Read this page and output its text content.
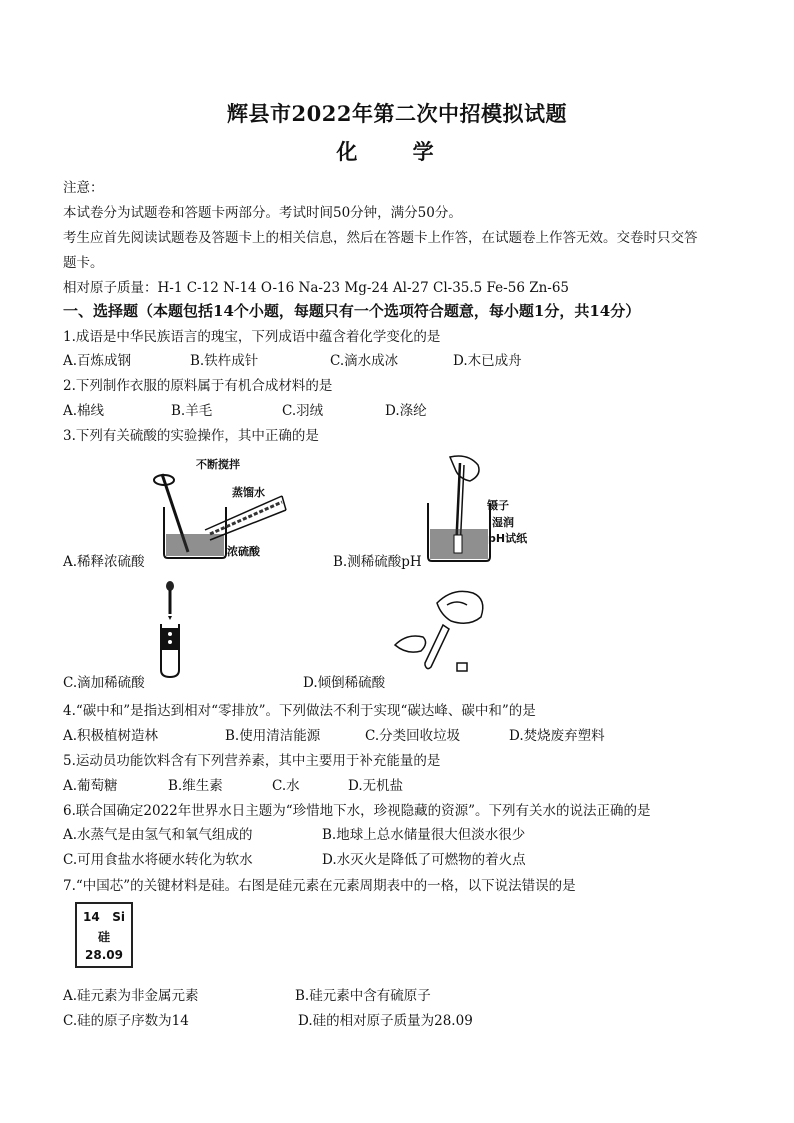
辉县市2022年第二次中招模拟试题
化 学
注意：
本试卷分为试题卷和答题卡两部分。考试时间50分钟，满分50分。
考生应首先阅读试题卷及答题卡上的相关信息，然后在答题卡上作答，在试题卷上作答无效。交卷时只交答
题卡。
相对原子质量：H-1 C-12 N-14 O-16 Na-23 Mg-24 Al-27 Cl-35.5 Fe-56 Zn-65
一、选择题（本题包括14个小题，每题只有一个选项符合题意，每小题1分，共14分）
1.成语是中华民族语言的瑰宝，下列成语中蕴含着化学变化的是
A.百炼成钢	B.铁杵成针	C.滴水成冰	D.木已成舟
2.下列制作衣服的原料属于有机合成材料的是
A.棉线	B.羊毛	C.羽绒	D.涤纶
3.下列有关硫酸的实验操作，其中正确的是
不断搅拌
蒸馏水
浓硫酸
A.稀释浓硫酸
镊子
湿润
pH试纸
B.测稀硫酸pH
C.滴加稀硫酸	D.倾倒稀硫酸
4.“碳中和”是指达到相对“零排放”。下列做法不利于实现“碳达峰、碳中和”的是
A.积极植树造林	B.使用清洁能源	C.分类回收垃圾	D.焚烧废弃塑料
5.运动员功能饮料含有下列营养素，其中主要用于补充能量的是
A.葡萄糖	B.维生素	C.水	D.无机盐
6.联合国确定2022年世界水日主题为“珍惜地下水，珍视隐藏的资源”。下列有关水的说法正确的是
A.水蒸气是由氢气和氧气组成的	B.地球上总水储量很大但淡水很少
C.可用食盐水将硬水转化为软水	D.水灭火是降低了可燃物的着火点
7.“中国芯”的关键材料是硅。右图是硅元素在元素周期表中的一格，以下说法错误的是
14 Si
硅
28.09
A.硅元素为非金属元素	B.硅元素中含有硫原子
C.硅的原子序数为14	D.硅的相对原子质量为28.09
